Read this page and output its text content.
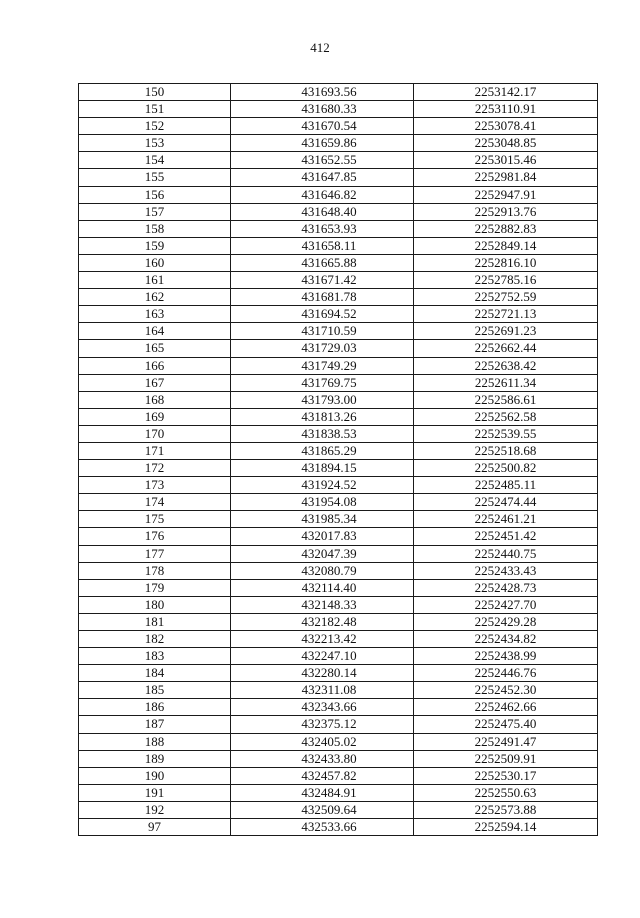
412
150	431693.56	2253142.17
151	431680.33	2253110.91
152	431670.54	2253078.41
153	431659.86	2253048.85
154	431652.55	2253015.46
155	431647.85	2252981.84
156	431646.82	2252947.91
157	431648.40	2252913.76
158	431653.93	2252882.83
159	431658.11	2252849.14
160	431665.88	2252816.10
161	431671.42	2252785.16
162	431681.78	2252752.59
163	431694.52	2252721.13
164	431710.59	2252691.23
165	431729.03	2252662.44
166	431749.29	2252638.42
167	431769.75	2252611.34
168	431793.00	2252586.61
169	431813.26	2252562.58
170	431838.53	2252539.55
171	431865.29	2252518.68
172	431894.15	2252500.82
173	431924.52	2252485.11
174	431954.08	2252474.44
175	431985.34	2252461.21
176	432017.83	2252451.42
177	432047.39	2252440.75
178	432080.79	2252433.43
179	432114.40	2252428.73
180	432148.33	2252427.70
181	432182.48	2252429.28
182	432213.42	2252434.82
183	432247.10	2252438.99
184	432280.14	2252446.76
185	432311.08	2252452.30
186	432343.66	2252462.66
187	432375.12	2252475.40
188	432405.02	2252491.47
189	432433.80	2252509.91
190	432457.82	2252530.17
191	432484.91	2252550.63
192	432509.64	2252573.88
97	432533.66	2252594.14
